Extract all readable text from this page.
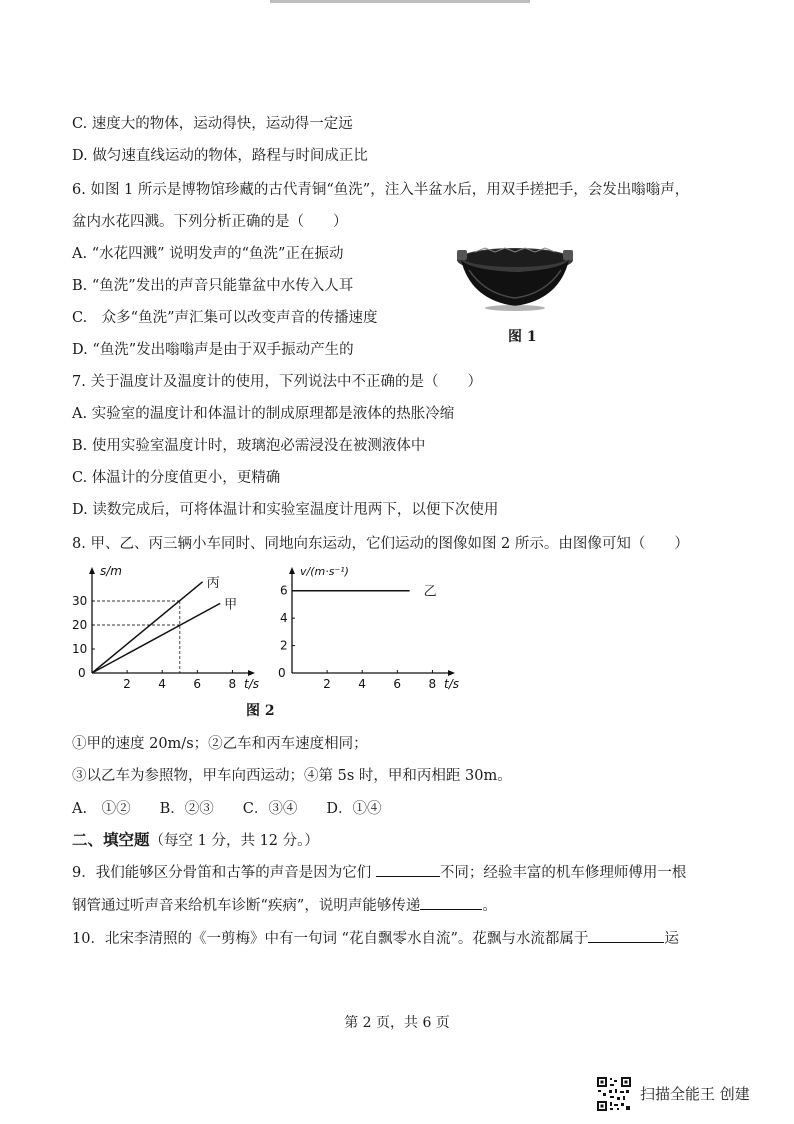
C. 速度大的物体，运动得快，运动得一定远
D. 做匀速直线运动的物体，路程与时间成正比
6. 如图 1 所示是博物馆珍藏的古代青铜“鱼洗”，注入半盆水后，用双手搓把手，会发出嗡嗡声，
盆内水花四溅。下列分析正确的是（　　）
A. “水花四溅” 说明发声的“鱼洗”正在振动
B. “鱼洗”发出的声音只能靠盆中水传入人耳
C.　众多“鱼洗”声汇集可以改变声音的传播速度
D. “鱼洗”发出嗡嗡声是由于双手振动产生的
图 1
7. 关于温度计及温度计的使用，下列说法中不正确的是（　　）
A. 实验室的温度计和体温计的制成原理都是液体的热胀冷缩
B. 使用实验室温度计时，玻璃泡必需浸没在被测液体中
C. 体温计的分度值更小，更精确
D. 读数完成后，可将体温计和实验室温度计甩两下，以便下次使用
8. 甲、乙、丙三辆小车同时、同地向东运动，它们运动的图像如图 2 所示。由图像可知（　　）
0
2 4 6 8
10
20
30
s/m
t/s
丙
甲
0
2 4 6 8
2
4
6
v/(m·s⁻¹)
t/s
乙
图 2
①甲的速度 20m/s；②乙车和丙车速度相同；
③以乙车为参照物，甲车向西运动；④第 5s 时，甲和丙相距 30m。
A.　①②　　B．②③　　C．③④　　D．①④
二、填空题（每空 1 分，共 12 分。）
9．我们能够区分骨笛和古筝的声音是因为它们	不同；经验丰富的机车修理师傅用一根
钢管通过听声音来给机车诊断“疾病”，说明声能够传递	。
10．北宋李清照的《一剪梅》中有一句词 “花自飘零水自流”。花飘与水流都属于	运
第 2 页，共 6 页
扫描全能王 创建
